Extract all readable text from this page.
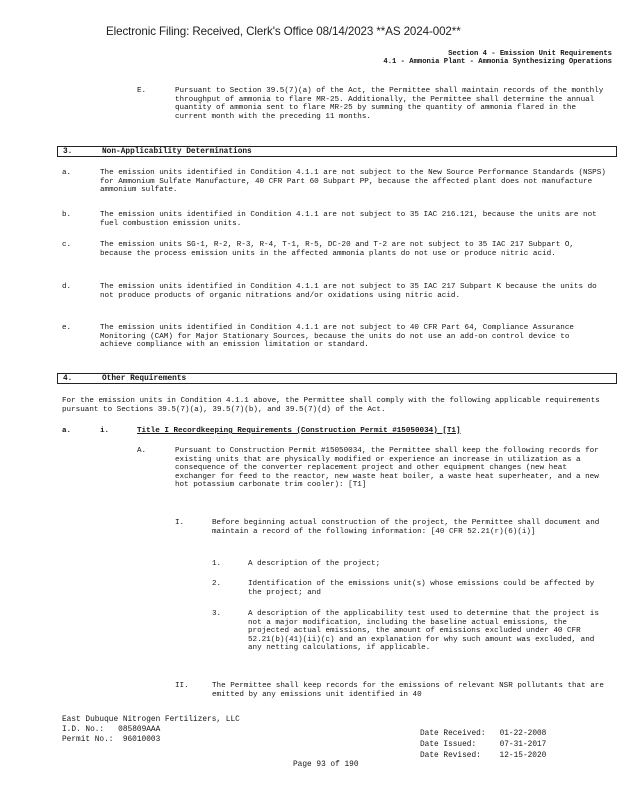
Electronic Filing: Received, Clerk's Office 08/14/2023 **AS 2024-002**
Section 4 - Emission Unit Requirements
4.1 - Ammonia Plant - Ammonia Synthesizing Operations
E.	Pursuant to Section 39.5(7)(a) of the Act, the Permittee shall maintain records of the monthly throughput of ammonia to flare MR-25. Additionally, the Permittee shall determine the annual quantity of ammonia sent to flare MR-25 by summing the quantity of ammonia flared in the current month with the preceding 11 months.
3.	Non-Applicability Determinations
a.	The emission units identified in Condition 4.1.1 are not subject to the New Source Performance Standards (NSPS) for Ammonium Sulfate Manufacture, 40 CFR Part 60 Subpart PP, because the affected plant does not manufacture ammonium sulfate.
b.	The emission units identified in Condition 4.1.1 are not subject to 35 IAC 216.121, because the units are not fuel combustion emission units.
c.	The emission units SG-1, R-2, R-3, R-4, T-1, R-5, DC-20 and T-2 are not subject to 35 IAC 217 Subpart O, because the process emission units in the affected ammonia plants do not use or produce nitric acid.
d.	The emission units identified in Condition 4.1.1 are not subject to 35 IAC 217 Subpart K because the units do not produce products of organic nitrations and/or oxidations using nitric acid.
e.	The emission units identified in Condition 4.1.1 are not subject to 40 CFR Part 64, Compliance Assurance Monitoring (CAM) for Major Stationary Sources, because the units do not use an add-on control device to achieve compliance with an emission limitation or standard.
4.	Other Requirements
For the emission units in Condition 4.1.1 above, the Permittee shall comply with the following applicable requirements pursuant to Sections 39.5(7)(a), 39.5(7)(b), and 39.5(7)(d) of the Act.
a.	i.	Title I Recordkeeping Requirements (Construction Permit #15050034) [T1]
A.	Pursuant to Construction Permit #15050034, the Permittee shall keep the following records for existing units that are physically modified or experience an increase in utilization as a consequence of the converter replacement project and other equipment changes (new heat exchanger for feed to the reactor, new waste heat boiler, a waste heat superheater, and a new hot potassium carbonate trim cooler): [T1]
I.	Before beginning actual construction of the project, the Permittee shall document and maintain a record of the following information: [40 CFR 52.21(r)(6)(i)]
1.	A description of the project;
2.	Identification of the emissions unit(s) whose emissions could be affected by the project; and
3.	A description of the applicability test used to determine that the project is not a major modification, including the baseline actual emissions, the projected actual emissions, the amount of emissions excluded under 40 CFR 52.21(b)(41)(ii)(c) and an explanation for why such amount was excluded, and any netting calculations, if applicable.
II.	The Permittee shall keep records for the emissions of relevant NSR pollutants that are emitted by any emissions unit identified in 40
East Dubuque Nitrogen Fertilizers, LLC
I.D. No.: 085809AAA
Permit No.: 96010003
Date Received: 01-22-2008
Date Issued:	07-31-2017
Date Revised: 12-15-2020
Page 93 of 190
